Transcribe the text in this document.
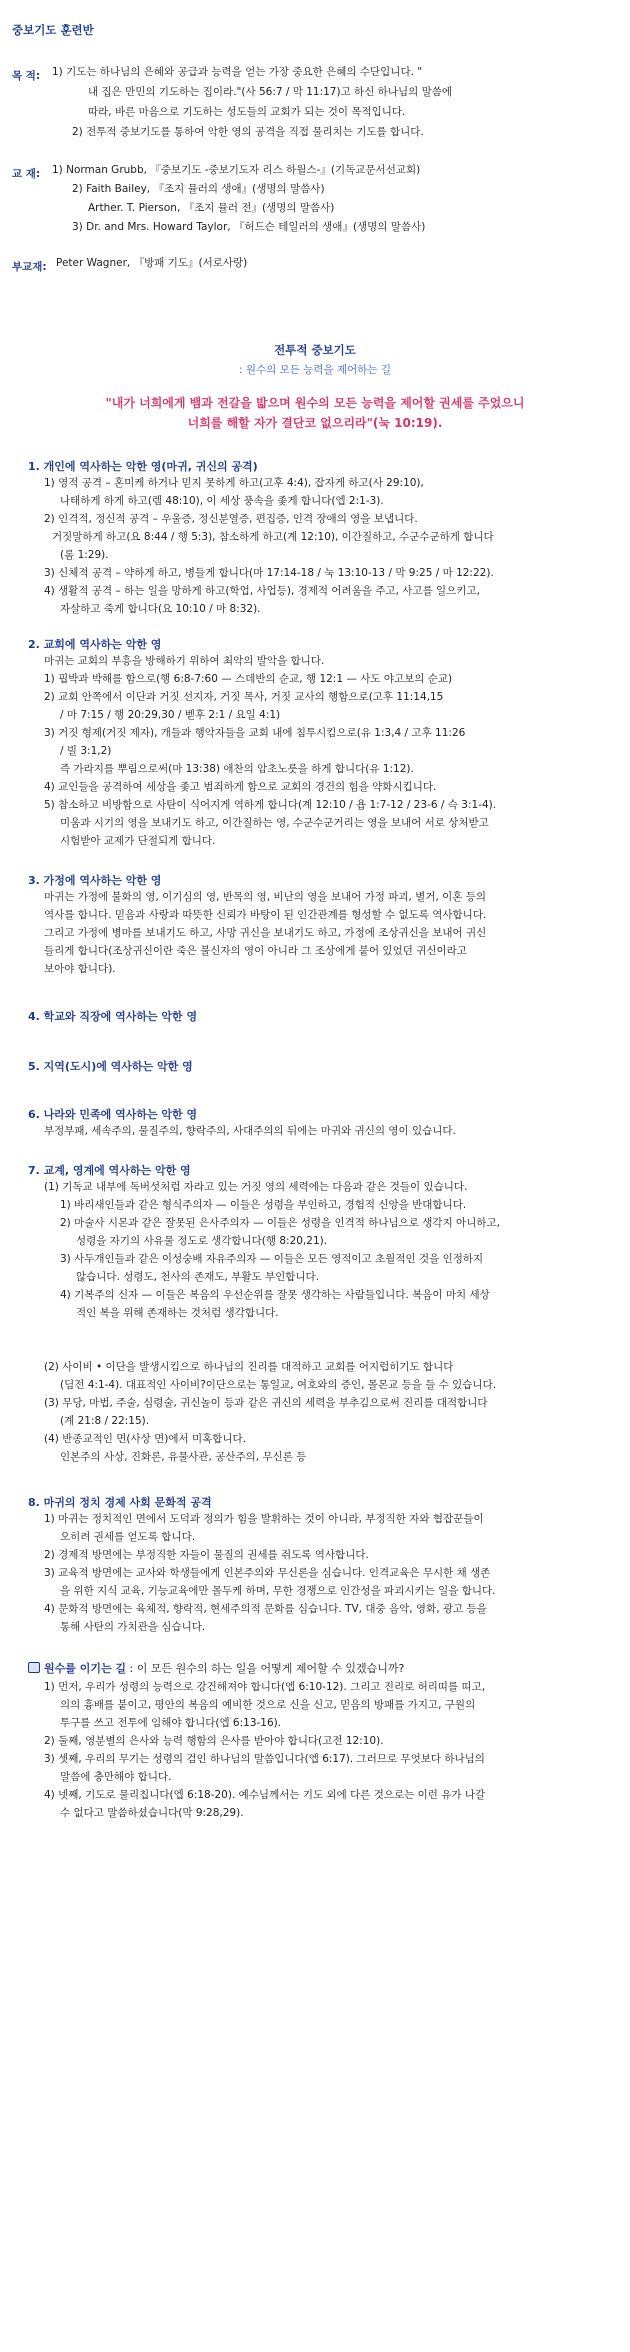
중보기도 훈련반
목 적: 1) 기도는 하나님의 은혜와 공급과 능력을 얻는 가장 중요한 은혜의 수단입니다. "
내 집은 만민의 기도하는 집이라."(사 56:7 / 막 11:17)고 하신 하나님의 말씀에
따라, 바른 마음으로 기도하는 성도들의 교회가 되는 것이 목적입니다.
2) 전투적 중보기도를 통하여 악한 영의 공격을 직접 물리치는 기도를 합니다.
교 재: 1) Norman Grubb, 『중보기도 -중보기도자 리스 하월스-』(기독교문서선교회)
2) Faith Bailey, 『조지 뮬러의 생애』(생명의 말씀사)
Arther. T. Pierson, 『조지 뮬러 전』(생명의 말씀사)
3) Dr. and Mrs. Howard Taylor, 『허드슨 테일러의 생애』(생명의 말씀사)
부교재: Peter Wagner, 『방패 기도』(서로사랑)
전투적 중보기도
: 원수의 모든 능력을 제어하는 길
"내가 너희에게 뱀과 전갈을 밟으며 원수의 모든 능력을 제어할 권세를 주었으니
너희를 해할 자가 결단코 없으리라"(눅 10:19).
1. 개인에 역사하는 악한 영(마귀, 귀신의 공격)
1) 영적 공격 – 혼미케 하거나 믿지 못하게 하고(고후 4:4), 잡자게 하고(사 29:10),
나태하게 하게 하고(렘 48:10), 이 세상 풍속을 좇게 합니다(엡 2:1-3).
2) 인격적, 정신적 공격 – 우울증, 정신분열증, 편집증, 인격 장애의 영을 보냅니다.
거짓말하게 하고(요 8:44 / 행 5:3), 참소하게 하고(계 12:10), 이간질하고, 수군수군하게 합니다
(롬 1:29).
3) 신체적 공격 – 약하게 하고, 병들게 합니다(마 17:14-18 / 눅 13:10-13 / 막 9:25 / 마 12:22).
4) 생활적 공격 – 하는 일을 망하게 하고(학업, 사업등), 경제적 어려움을 주고, 사고를 일으키고,
자살하고 죽게 합니다(요 10:10 / 마 8:32).
2. 교회에 역사하는 악한 영
마귀는 교회의 부흥을 방해하기 위하여 최악의 발악을 합니다.
1) 핍박과 박해를 함으로(행 6:8-7:60 — 스데반의 순교, 행 12:1 — 사도 야고보의 순교)
2) 교회 안쪽에서 이단과 거짓 선지자, 거짓 목사, 거짓 교사의 행함으로(고후 11:14,15
/ 마 7:15 / 행 20:29,30 / 벧후 2:1 / 요일 4:1)
3) 거짓 형제(거짓 제자), 개들과 행악자들을 교회 내에 침투시킴으로(유 1:3,4 / 고후 11:26
/ 빌 3:1,2)
즉 가라지를 뿌림으로써(마 13:38) 애찬의 암초노릇을 하게 합니다(유 1:12).
4) 교인들을 공격하여 세상을 좇고 범죄하게 함으로 교회의 경건의 힘을 약화시킵니다.
5) 참소하고 비방함으로 사탄이 식어지게 역하게 합니다(계 12:10 / 욥 1:7-12 / 23-6 / 슥 3:1-4).
미움과 시기의 영을 보내기도 하고, 이간질하는 영, 수군수군거리는 영을 보내어 서로 상처받고
시험받아 교제가 단절되게 합니다.
3. 가정에 역사하는 악한 영
마귀는 가정에 불화의 영, 이기심의 영, 반목의 영, 비난의 영을 보내어 가정 파괴, 별거, 이혼 등의
역사를 합니다. 믿음과 사랑과 따뜻한 신뢰가 바탕이 된 인간관계를 형성할 수 없도록 역사합니다.
그리고 가정에 병마를 보내기도 하고, 사망 귀신을 보내기도 하고, 가정에 조상귀신을 보내어 귀신
들리게 합니다(조상귀신이란 죽은 불신자의 영이 아니라 그 조상에게 붙어 있었던 귀신이라고
보아야 합니다).
4. 학교와 직장에 역사하는 악한 영
5. 지역(도시)에 역사하는 악한 영
6. 나라와 민족에 역사하는 악한 영
부정부패, 세속주의, 물질주의, 향락주의, 사대주의의 뒤에는 마귀와 귀신의 영이 있습니다.
7. 교계, 영계에 역사하는 악한 영
(1) 기독교 내부에 독버섯처럼 자라고 있는 거짓 영의 세력에는 다음과 같은 것들이 있습니다.
1) 바리새인들과 같은 형식주의자 — 이들은 성령을 부인하고, 경험적 신앙을 반대합니다.
2) 마술사 시몬과 같은 잘못된 은사주의자 — 이들은 성령을 인격적 하나님으로 생각지 아니하고,
성령을 자기의 사유물 정도로 생각합니다(행 8:20,21).
3) 사두개인들과 같은 이성숭배 자유주의자 — 이들은 모든 영적이고 초월적인 것을 인정하지
않습니다. 성령도, 천사의 존재도, 부활도 부인합니다.
4) 기복주의 신자 — 이들은 복음의 우선순위를 잘못 생각하는 사람들입니다. 복음이 마치 세상
적인 복을 위해 존재하는 것처럼 생각합니다.
(2) 사이비 • 이단을 발생시킴으로 하나님의 진리를 대적하고 교회를 어지럽히기도 합니다
(딤전 4:1-4). 대표적인 사이비?이단으로는 통일교, 여호와의 증인, 몰몬교 등을 들 수 있습니다.
(3) 무당, 마법, 주술, 심령술, 귀신놀이 등과 같은 귀신의 세력을 부추김으로써 진리를 대적합니다
(계 21:8 / 22:15).
(4) 반종교적인 면(사상 면)에서 미혹합니다.
인본주의 사상, 진화론, 유물사관, 공산주의, 무신론 등
8. 마귀의 정치 경제 사회 문화적 공격
1) 마귀는 정치적인 면에서 도덕과 정의가 힘을 발휘하는 것이 아니라, 부정직한 자와 협잡꾼들이
오히려 권세를 얻도록 합니다.
2) 경제적 방면에는 부정직한 자들이 물질의 권세를 쥐도록 역사합니다.
3) 교육적 방면에는 교사와 학생들에게 인본주의와 무신론을 심습니다. 인격교육은 무시한 채 생존
을 위한 지식 교육, 기능교육에만 몰두케 하며, 무한 경쟁으로 인간성을 파괴시키는 일을 합니다.
4) 문화적 방면에는 육체적, 향락적, 현세주의적 문화를 심습니다. TV, 대중 음악, 영화, 광고 등을
통해 사탄의 가치관을 심습니다.
원수를 이기는 길 : 이 모든 원수의 하는 일을 어떻게 제어할 수 있겠습니까?
1) 먼저, 우리가 성령의 능력으로 강건해져야 합니다(엡 6:10-12). 그리고 진리로 허리띠를 띠고,
의의 흉배를 붙이고, 평안의 복음의 예비한 것으로 신을 신고, 믿음의 방패를 가지고, 구원의
투구를 쓰고 전투에 임해야 합니다(엡 6:13-16).
2) 둘째, 영분별의 은사와 능력 행함의 은사를 받아야 합니다(고전 12:10).
3) 셋째, 우리의 무기는 성령의 검인 하나님의 말씀입니다(엡 6:17). 그러므로 무엇보다 하나님의
말씀에 충만해야 합니다.
4) 넷째, 기도로 물리칩니다(엡 6:18-20). 예수님께서는 기도 외에 다른 것으로는 이런 유가 나갈
수 없다고 말씀하셨습니다(막 9:28,29).
